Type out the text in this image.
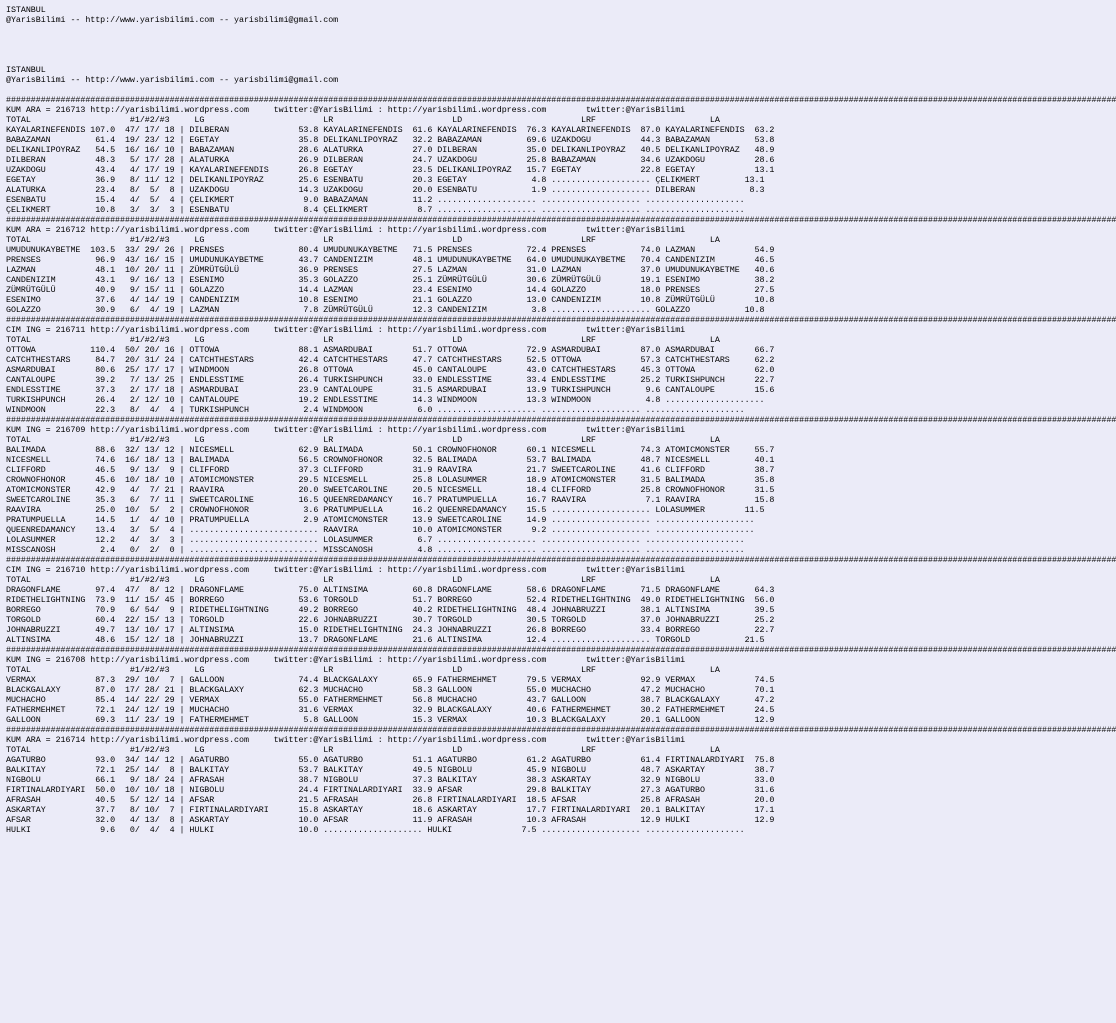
ISTANBUL
@YarisBilimi -- http://www.yarisbilimi.com -- yarisbilimi@gmail.com

ISTANBUL
@YarisBilimi -- http://www.yarisbilimi.com -- yarisbilimi@gmail.com

################################################################################################################################################################################################################################
KUM ARA = 216713 http://yarisbilimi.wordpress.com     twitter:@YarisBilimi : http://yarisbilimi.wordpress.com        twitter:@YarisBilimi
TOTAL                    #1/#2/#3     LG                        LR                        LD                        LRF                       LA
KAYALARINEFENDIS 107.0  47/ 17/ 18 | DILBERAN              53.8 KAYALARINEFENDIS  61.6 KAYALARINEFENDIS  76.3 KAYALARINEFENDIS  87.0 KAYALARINEFENDIS  63.2
BABAZAMAN         61.4  19/ 23/ 12 | EGETAY                35.8 DELIKANLIPOYRAZ   32.2 BABAZAMAN         69.6 UZAKDOGU          44.3 BABAZAMAN         53.8
DELIKANLIPOYRAZ   54.5  16/ 16/ 10 | BABAZAMAN             28.6 ALATURKA          27.0 DILBERAN          35.0 DELIKANLIPOYRAZ   40.5 DELIKANLIPOYRAZ   48.9
DILBERAN          48.3   5/ 17/ 28 | ALATURKA              26.9 DILBERAN          24.7 UZAKDOGU          25.8 BABAZAMAN         34.6 UZAKDOGU          28.6
UZAKDOGU          43.4   4/ 17/ 19 | KAYALARINEFENDIS      26.8 EGETAY            23.5 DELIKANLIPOYRAZ   15.7 EGETAY            22.8 EGETAY            13.1
EGETAY            36.9   8/ 11/ 12 | DELIKANLIPOYRAZ       25.6 ESENBATU          20.3 EGETAY             4.8 .................... ÇELIKMERT         13.1
ALATURKA          23.4   8/  5/  8 | UZAKDOGU              14.3 UZAKDOGU          20.0 ESENBATU           1.9 .................... DILBERAN           8.3
ESENBATU          15.4   4/  5/  4 | ÇELIKMERT              9.0 BABAZAMAN         11.2 .................... .................... ....................
ÇELIKMERT         10.8   3/  3/  3 | ESENBATU               8.4 ÇELIKMERT          8.7 .................... .................... ....................
################################################################################################################################################################################################################################
KUM ARA = 216712 http://yarisbilimi.wordpress.com     twitter:@YarisBilimi : http://yarisbilimi.wordpress.com        twitter:@YarisBilimi
TOTAL                    #1/#2/#3     LG                        LR                        LD                        LRF                       LA
UMUDUNUKAYBETME  103.5  33/ 29/ 26 | PRENSES               80.4 UMUDUNUKAYBETME   71.5 PRENSES           72.4 PRENSES           74.0 LAZMAN            54.9
PRENSES           96.9  43/ 16/ 15 | UMUDUNUKAYBETME       43.7 CANDENIZIM        48.1 UMUDUNUKAYBETME   64.0 UMUDUNUKAYBETME   70.4 CANDENIZIM        46.5
LAZMAN            48.1  10/ 20/ 11 | ZÜMRÜTGÜLÜ            36.9 PRENSES           27.5 LAZMAN            31.0 LAZMAN            37.0 UMUDUNUKAYBETME   40.6
CANDENIZIM        43.1   9/ 16/ 13 | ESENIMO               35.3 GOLAZZO           25.1 ZÜMRÜTGÜLÜ        30.6 ZÜMRÜTGÜLÜ        19.1 ESENIMO           38.2
ZÜMRÜTGÜLÜ        40.9   9/ 15/ 11 | GOLAZZO               14.4 LAZMAN            23.4 ESENIMO           14.4 GOLAZZO           18.0 PRENSES           27.5
ESENIMO           37.6   4/ 14/ 19 | CANDENIZIM            10.8 ESENIMO           21.1 GOLAZZO           13.0 CANDENIZIM        10.8 ZÜMRÜTGÜLÜ        10.8
GOLAZZO           30.9   6/  4/ 19 | LAZMAN                 7.8 ZÜMRÜTGÜLÜ        12.3 CANDENIZIM         3.8 .................... GOLAZZO           10.8
################################################################################################################################################################################################################################
CIM ING = 216711 http://yarisbilimi.wordpress.com     twitter:@YarisBilimi : http://yarisbilimi.wordpress.com        twitter:@YarisBilimi
TOTAL                    #1/#2/#3     LG                        LR                        LD                        LRF                       LA
OTTOWA           110.4  50/ 20/ 16 | OTTOWA                88.1 ASMARDUBAI        51.7 OTTOWA            72.9 ASMARDUBAI        87.0 ASMARDUBAI        66.7
CATCHTHESTARS     84.7  20/ 31/ 24 | CATCHTHESTARS         42.4 CATCHTHESTARS     47.7 CATCHTHESTARS     52.5 OTTOWA            57.3 CATCHTHESTARS     62.2
ASMARDUBAI        80.6  25/ 17/ 17 | WINDMOON              26.8 OTTOWA            45.0 CANTALOUPE        43.0 CATCHTHESTARS     45.3 OTTOWA            62.0
CANTALOUPE        39.2   7/ 13/ 25 | ENDLESSTIME           26.4 TURKISHPUNCH      33.0 ENDLESSTIME       33.4 ENDLESSTIME       25.2 TURKISHPUNCH      22.7
ENDLESSTIME       37.3   2/ 17/ 18 | ASMARDUBAI            23.9 CANTALOUPE        31.5 ASMARDUBAI        13.9 TURKISHPUNCH       9.6 CANTALOUPE        15.6
TURKISHPUNCH      26.4   2/ 12/ 10 | CANTALOUPE            19.2 ENDLESSTIME       14.3 WINDMOON          13.3 WINDMOON           4.8 ....................
WINDMOON          22.3   8/  4/  4 | TURKISHPUNCH           2.4 WINDMOON           6.0 .................... .................... ....................
################################################################################################################################################################################################################################
KUM ING = 216709 http://yarisbilimi.wordpress.com     twitter:@YarisBilimi : http://yarisbilimi.wordpress.com        twitter:@YarisBilimi
TOTAL                    #1/#2/#3     LG                        LR                        LD                        LRF                       LA
BALIMADA          88.6  32/ 13/ 12 | NICESMELL             62.9 BALIMADA          50.1 CROWNOFHONOR      60.1 NICESMELL         74.3 ATOMICMONSTER     55.7
NICESMELL         74.6  16/ 18/ 13 | BALIMADA              56.5 CROWNOFHONOR      32.5 BALIMADA          53.7 BALIMADA          48.7 NICESMELL         40.1
CLIFFORD          46.5   9/ 13/  9 | CLIFFORD              37.3 CLIFFORD          31.9 RAAVIRA           21.7 SWEETCAROLINE     41.6 CLIFFORD          38.7
CROWNOFHONOR      45.6  10/ 18/ 10 | ATOMICMONSTER         29.5 NICESMELL         25.8 LOLASUMMER        18.9 ATOMICMONSTER     31.5 BALIMADA          35.8
ATOMICMONSTER     42.9   4/  7/ 21 | RAAVIRA               20.0 SWEETCAROLINE     20.5 NICESMELL         18.4 CLIFFORD          25.8 CROWNOFHONOR      31.5
SWEETCAROLINE     35.3   6/  7/ 11 | SWEETCAROLINE         16.5 QUEENREDAMANCY    16.7 PRATUMPUELLA      16.7 RAAVIRA            7.1 RAAVIRA           15.8
RAAVIRA           25.0  10/  5/  2 | CROWNOFHONOR           3.6 PRATUMPUELLA      16.2 QUEENREDAMANCY    15.5 .................... LOLASUMMER        11.5
PRATUMPUELLA      14.5   1/  4/ 10 | PRATUMPUELLA           2.9 ATOMICMONSTER     13.9 SWEETCAROLINE     14.9 .................... ....................
QUEENREDAMANCY    13.4   3/  5/  4 | .......................... RAAVIRA           10.0 ATOMICMONSTER      9.2 .................... ....................
LOLASUMMER        12.2   4/  3/  3 | .......................... LOLASUMMER         6.7 .................... .................... ....................
MISSCANOSH         2.4   0/  2/  0 | .......................... MISSCANOSH         4.8 .................... .................... ....................
################################################################################################################################################################################################################################
CIM ING = 216710 http://yarisbilimi.wordpress.com     twitter:@YarisBilimi : http://yarisbilimi.wordpress.com        twitter:@YarisBilimi
TOTAL                    #1/#2/#3     LG                        LR                        LD                        LRF                       LA
DRAGONFLAME       97.4  47/  8/ 12 | DRAGONFLAME           75.0 ALTINSIMA         60.8 DRAGONFLAME       58.6 DRAGONFLAME       71.5 DRAGONFLAME       64.3
RIDETHELIGHTNING  73.9  11/ 15/ 45 | BORREGO               53.6 TORGOLD           51.7 BORREGO           52.4 RIDETHELIGHTNING  49.0 RIDETHELIGHTNING  56.0
BORREGO           70.9   6/ 54/  9 | RIDETHELIGHTNING      49.2 BORREGO           40.2 RIDETHELIGHTNING  48.4 JOHNABRUZZI       38.1 ALTINSIMA         39.5
TORGOLD           60.4  22/ 15/ 13 | TORGOLD               22.6 JOHNABRUZZI       30.7 TORGOLD           30.5 TORGOLD           37.0 JOHNABRUZZI       25.2
JOHNABRUZZI       49.7  13/ 10/ 17 | ALTINSIMA             15.0 RIDETHELIGHTNING  24.3 JOHNABRUZZI       26.8 BORREGO           33.4 BORREGO           22.7
ALTINSIMA         48.6  15/ 12/ 18 | JOHNABRUZZI           13.7 DRAGONFLAME       21.6 ALTINSIMA         12.4 .................... TORGOLD           21.5
################################################################################################################################################################################################################################
KUM ING = 216708 http://yarisbilimi.wordpress.com     twitter:@YarisBilimi : http://yarisbilimi.wordpress.com        twitter:@YarisBilimi
TOTAL                    #1/#2/#3     LG                        LR                        LD                        LRF                       LA
VERMAX            87.3  29/ 10/  7 | GALLOON               74.4 BLACKGALAXY       65.9 FATHERMEHMET      79.5 VERMAX            92.9 VERMAX            74.5
BLACKGALAXY       87.0  17/ 28/ 21 | BLACKGALAXY           62.3 MUCHACHO          58.3 GALLOON           55.0 MUCHACHO          47.2 MUCHACHO          70.1
MUCHACHO          85.4  14/ 22/ 29 | VERMAX                55.0 FATHERMEHMET      56.8 MUCHACHO          43.7 GALLOON           38.7 BLACKGALAXY       47.2
FATHERMEHMET      72.1  24/ 12/ 19 | MUCHACHO              31.6 VERMAX            32.9 BLACKGALAXY       40.6 FATHERMEHMET      30.2 FATHERMEHMET      24.5
GALLOON           69.3  11/ 23/ 19 | FATHERMEHMET           5.8 GALLOON           15.3 VERMAX            10.3 BLACKGALAXY       20.1 GALLOON           12.9
################################################################################################################################################################################################################################
KUM ARA = 216714 http://yarisbilimi.wordpress.com     twitter:@YarisBilimi : http://yarisbilimi.wordpress.com        twitter:@YarisBilimi
TOTAL                    #1/#2/#3     LG                        LR                        LD                        LRF                       LA
AGATURBO          93.0  34/ 14/ 12 | AGATURBO              55.0 AGATURBO          51.1 AGATURBO          61.2 AGATURBO          61.4 FIRTINALARDIYARI  75.8
BALKITAY          72.1  25/ 14/  8 | BALKITAY              53.7 BALKITAY          49.5 NIGBOLU           45.9 NIGBOLU           48.7 ASKARTAY          38.7
NIGBOLU           66.1   9/ 18/ 24 | AFRASAH               38.7 NIGBOLU           37.3 BALKITAY          38.3 ASKARTAY          32.9 NIGBOLU           33.0
FIRTINALARDIYARI  50.0  10/ 10/ 18 | NIGBOLU               24.4 FIRTINALARDIYARI  33.9 AFSAR             29.8 BALKITAY          27.3 AGATURBO          31.6
AFRASAH           40.5   5/ 12/ 14 | AFSAR                 21.5 AFRASAH           26.8 FIRTINALARDIYARI  18.5 AFSAR             25.8 AFRASAH           20.0
ASKARTAY          37.7   8/ 10/  7 | FIRTINALARDIYARI      15.8 ASKARTAY          18.6 ASKARTAY          17.7 FIRTINALARDIYARI  20.1 BALKITAY          17.1
AFSAR             32.0   4/ 13/  8 | ASKARTAY              10.0 AFSAR             11.9 AFRASAH           10.3 AFRASAH           12.9 HULKI             12.9
HULKI              9.6   0/  4/  4 | HULKI                 10.0 .................... HULKI              7.5 .................... ....................
